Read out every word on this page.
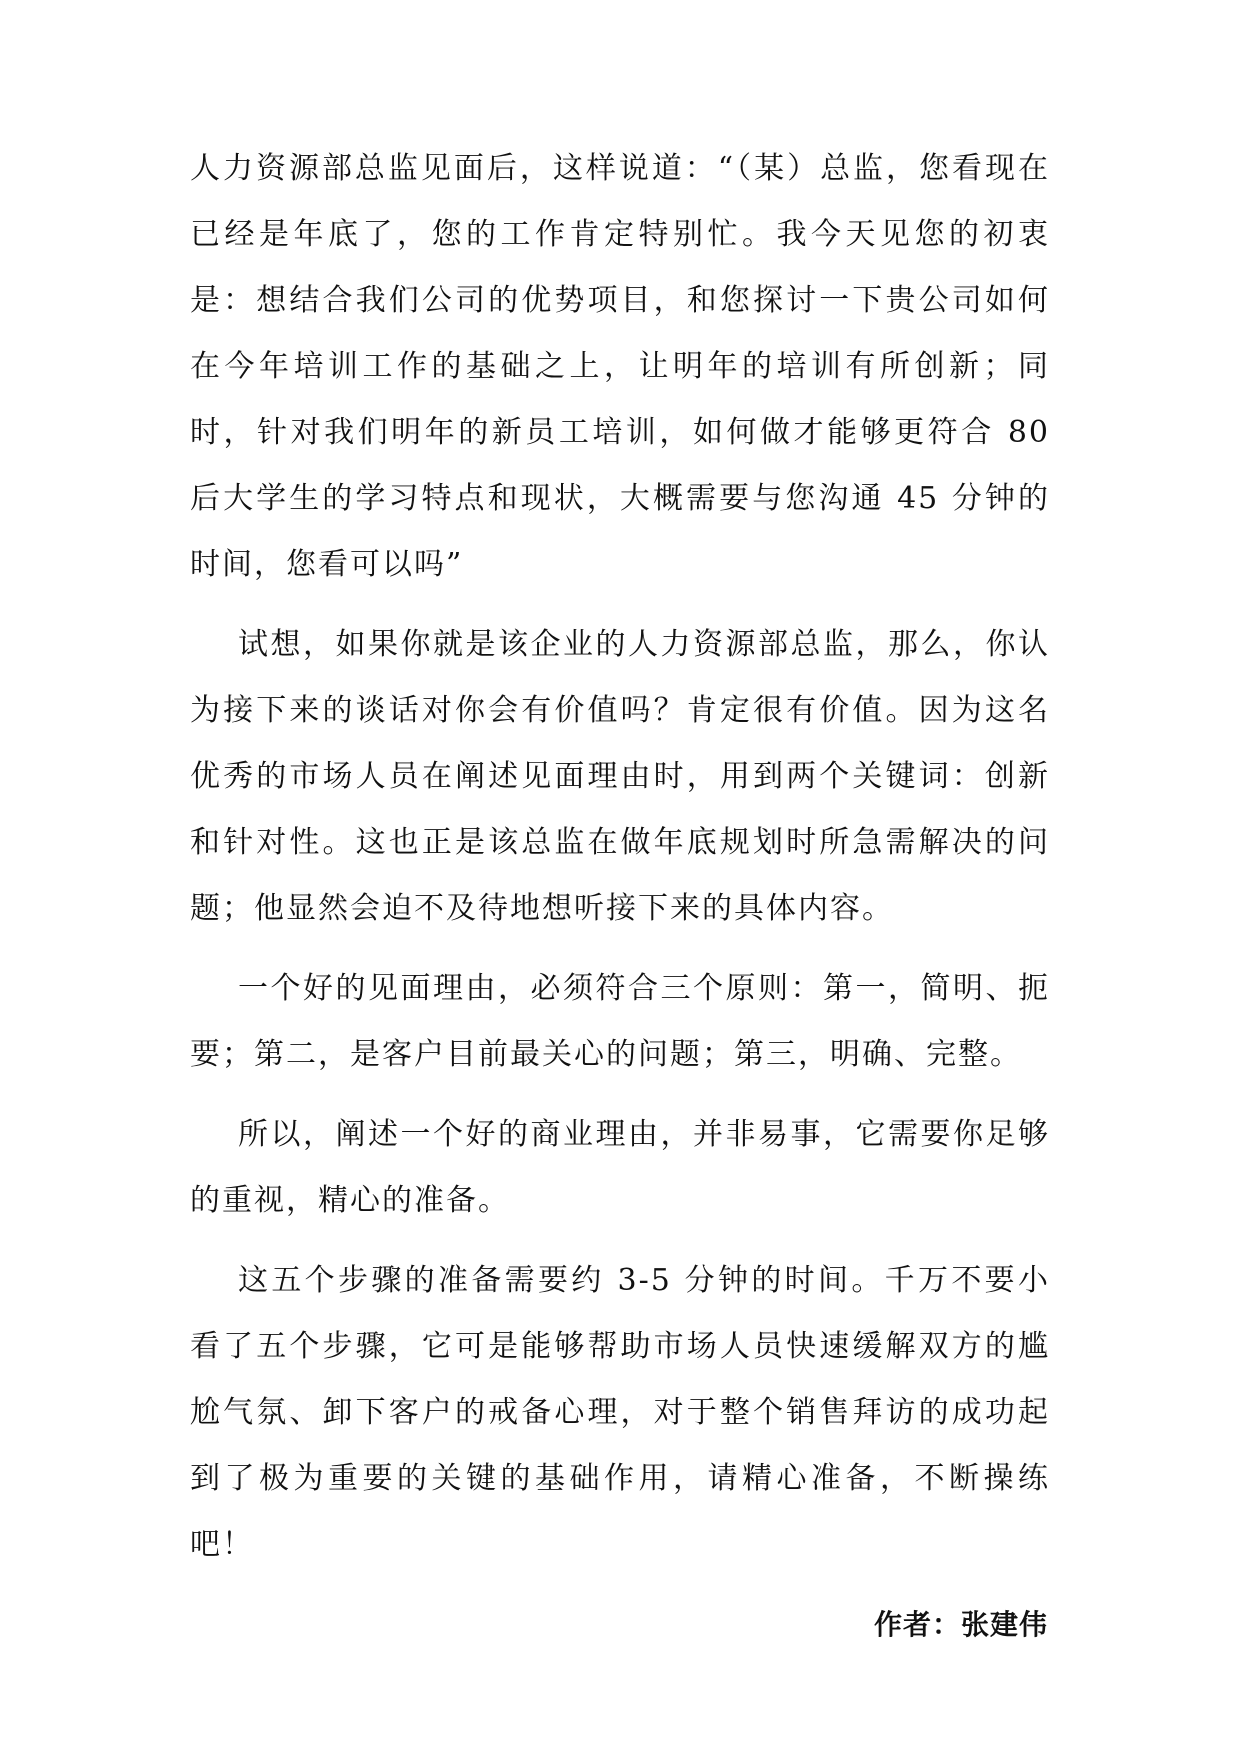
人力资源部总监见面后，这样说道：“（某）总监，您看现在已经是年底了，您的工作肯定特别忙。我今天见您的初衷是：想结合我们公司的优势项目，和您探讨一下贵公司如何在今年培训工作的基础之上，让明年的培训有所创新；同时，针对我们明年的新员工培训，如何做才能够更符合 80 后大学生的学习特点和现状，大概需要与您沟通 45 分钟的时间，您看可以吗”

试想，如果你就是该企业的人力资源部总监，那么，你认为接下来的谈话对你会有价值吗？肯定很有价值。因为这名优秀的市场人员在阐述见面理由时，用到两个关键词：创新和针对性。这也正是该总监在做年底规划时所急需解决的问题；他显然会迫不及待地想听接下来的具体内容。

一个好的见面理由，必须符合三个原则：第一，简明、扼要；第二，是客户目前最关心的问题；第三，明确、完整。

所以，阐述一个好的商业理由，并非易事，它需要你足够的重视，精心的准备。

这五个步骤的准备需要约 3-5 分钟的时间。千万不要小看了五个步骤，它可是能够帮助市场人员快速缓解双方的尴尬气氛、卸下客户的戒备心理，对于整个销售拜访的成功起到了极为重要的关键的基础作用，请精心准备，不断操练吧！

作者：张建伟
